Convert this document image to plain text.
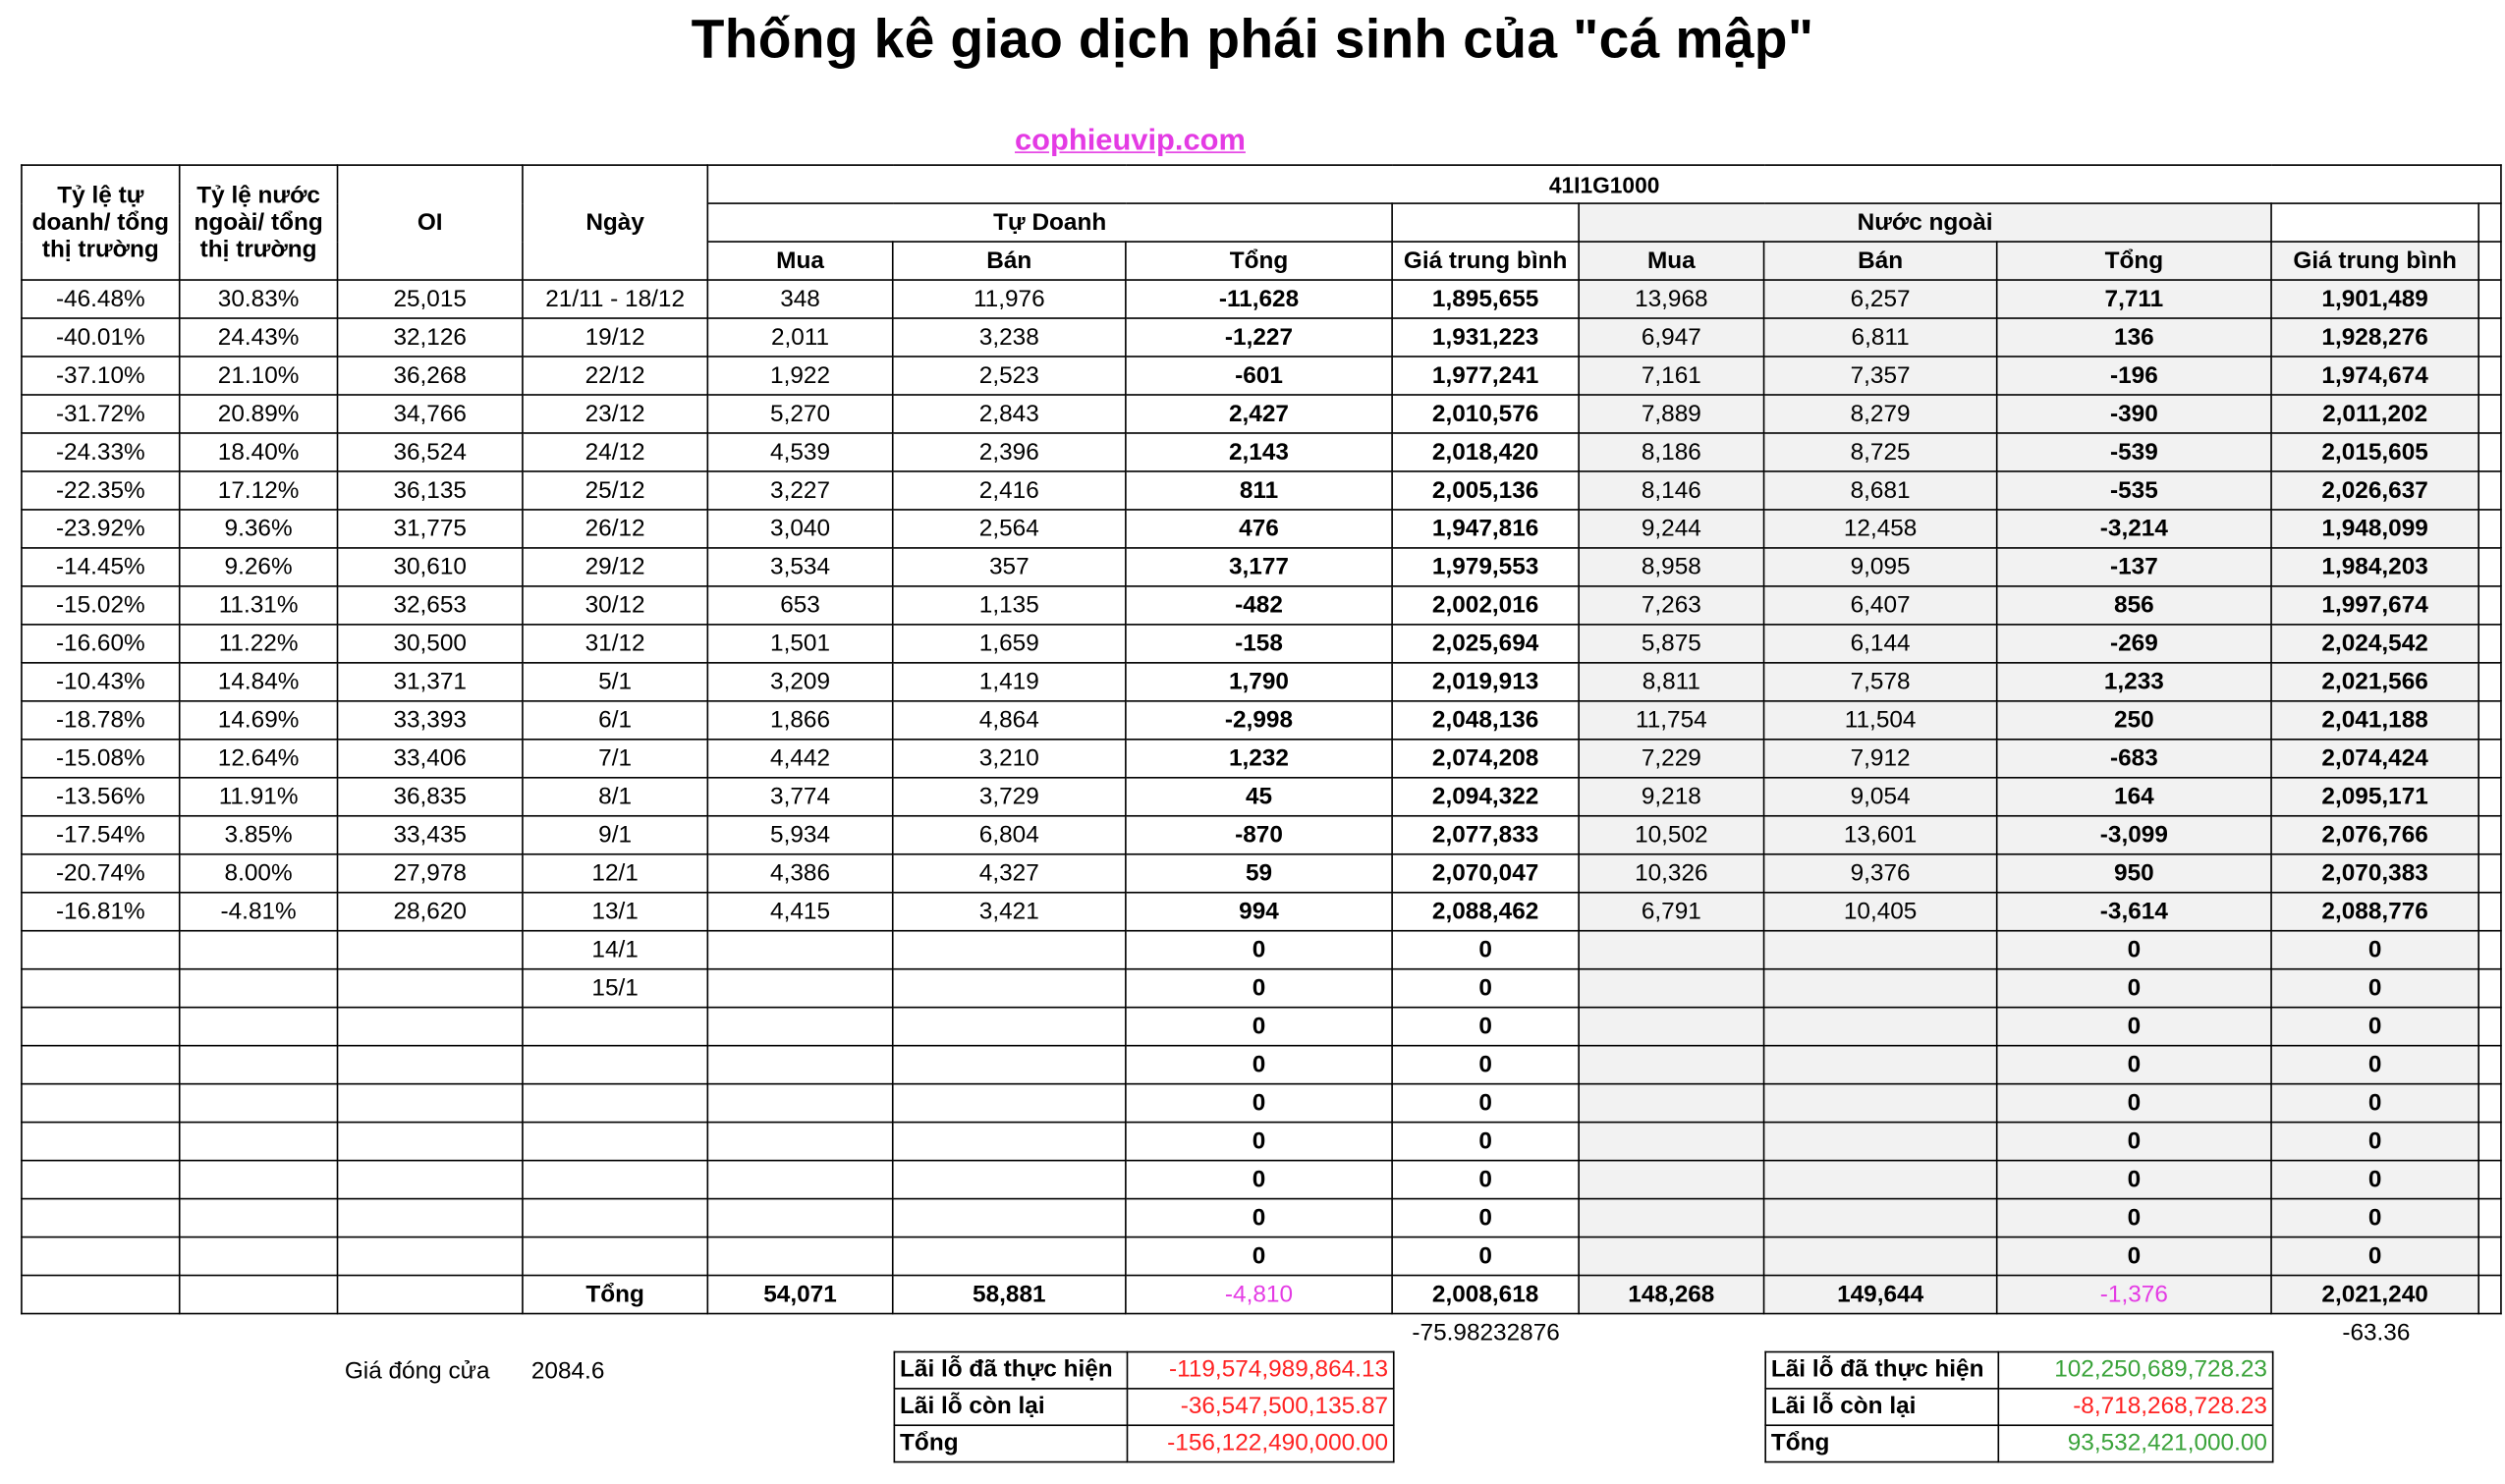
Thống kê giao dịch phái sinh của "cá mập"
cophieuvip.com
Tỷ lệ tự doanh/ tổng thị trường	Tỷ lệ nước ngoài/ tổng thị trường	OI	Ngày	41I1G1000								
				Tự Doanh				Nước ngoài				
				Mua	Bán	Tổng	Giá trung bình	Mua	Bán	Tổng	Giá trung bình	
-46.48%	30.83%	25,015	21/11 - 18/12	348	11,976	-11,628	1,895,655	13,968	6,257	7,711	1,901,489	
-40.01%	24.43%	32,126	19/12	2,011	3,238	-1,227	1,931,223	6,947	6,811	136	1,928,276	
-37.10%	21.10%	36,268	22/12	1,922	2,523	-601	1,977,241	7,161	7,357	-196	1,974,674	
-31.72%	20.89%	34,766	23/12	5,270	2,843	2,427	2,010,576	7,889	8,279	-390	2,011,202	
-24.33%	18.40%	36,524	24/12	4,539	2,396	2,143	2,018,420	8,186	8,725	-539	2,015,605	
-22.35%	17.12%	36,135	25/12	3,227	2,416	811	2,005,136	8,146	8,681	-535	2,026,637	
-23.92%	9.36%	31,775	26/12	3,040	2,564	476	1,947,816	9,244	12,458	-3,214	1,948,099	
-14.45%	9.26%	30,610	29/12	3,534	357	3,177	1,979,553	8,958	9,095	-137	1,984,203	
-15.02%	11.31%	32,653	30/12	653	1,135	-482	2,002,016	7,263	6,407	856	1,997,674	
-16.60%	11.22%	30,500	31/12	1,501	1,659	-158	2,025,694	5,875	6,144	-269	2,024,542	
-10.43%	14.84%	31,371	5/1	3,209	1,419	1,790	2,019,913	8,811	7,578	1,233	2,021,566	
-18.78%	14.69%	33,393	6/1	1,866	4,864	-2,998	2,048,136	11,754	11,504	250	2,041,188	
-15.08%	12.64%	33,406	7/1	4,442	3,210	1,232	2,074,208	7,229	7,912	-683	2,074,424	
-13.56%	11.91%	36,835	8/1	3,774	3,729	45	2,094,322	9,218	9,054	164	2,095,171	
-17.54%	3.85%	33,435	9/1	5,934	6,804	-870	2,077,833	10,502	13,601	-3,099	2,076,766	
-20.74%	8.00%	27,978	12/1	4,386	4,327	59	2,070,047	10,326	9,376	950	2,070,383	
-16.81%	-4.81%	28,620	13/1	4,415	3,421	994	2,088,462	6,791	10,405	-3,614	2,088,776	
			14/1			0	0			0	0	
			15/1			0	0			0	0	
						0	0			0	0	
						0	0			0	0	
						0	0			0	0	
						0	0			0	0	
						0	0			0	0	
						0	0			0	0	
						0	0			0	0	
			Tổng	54,071	58,881	-4,810	2,008,618	148,268	149,644	-1,376	2,021,240	
-75.98232876	-63.36
Giá đóng cửa	2084.6	Lãi lỗ đã thực hiện	-119,574,989,864.13
Lãi lỗ còn lại	-36,547,500,135.87
Tổng	-156,122,490,000.00
Lãi lỗ đã thực hiện	102,250,689,728.23
Lãi lỗ còn lại	-8,718,268,728.23
Tổng	93,532,421,000.00
